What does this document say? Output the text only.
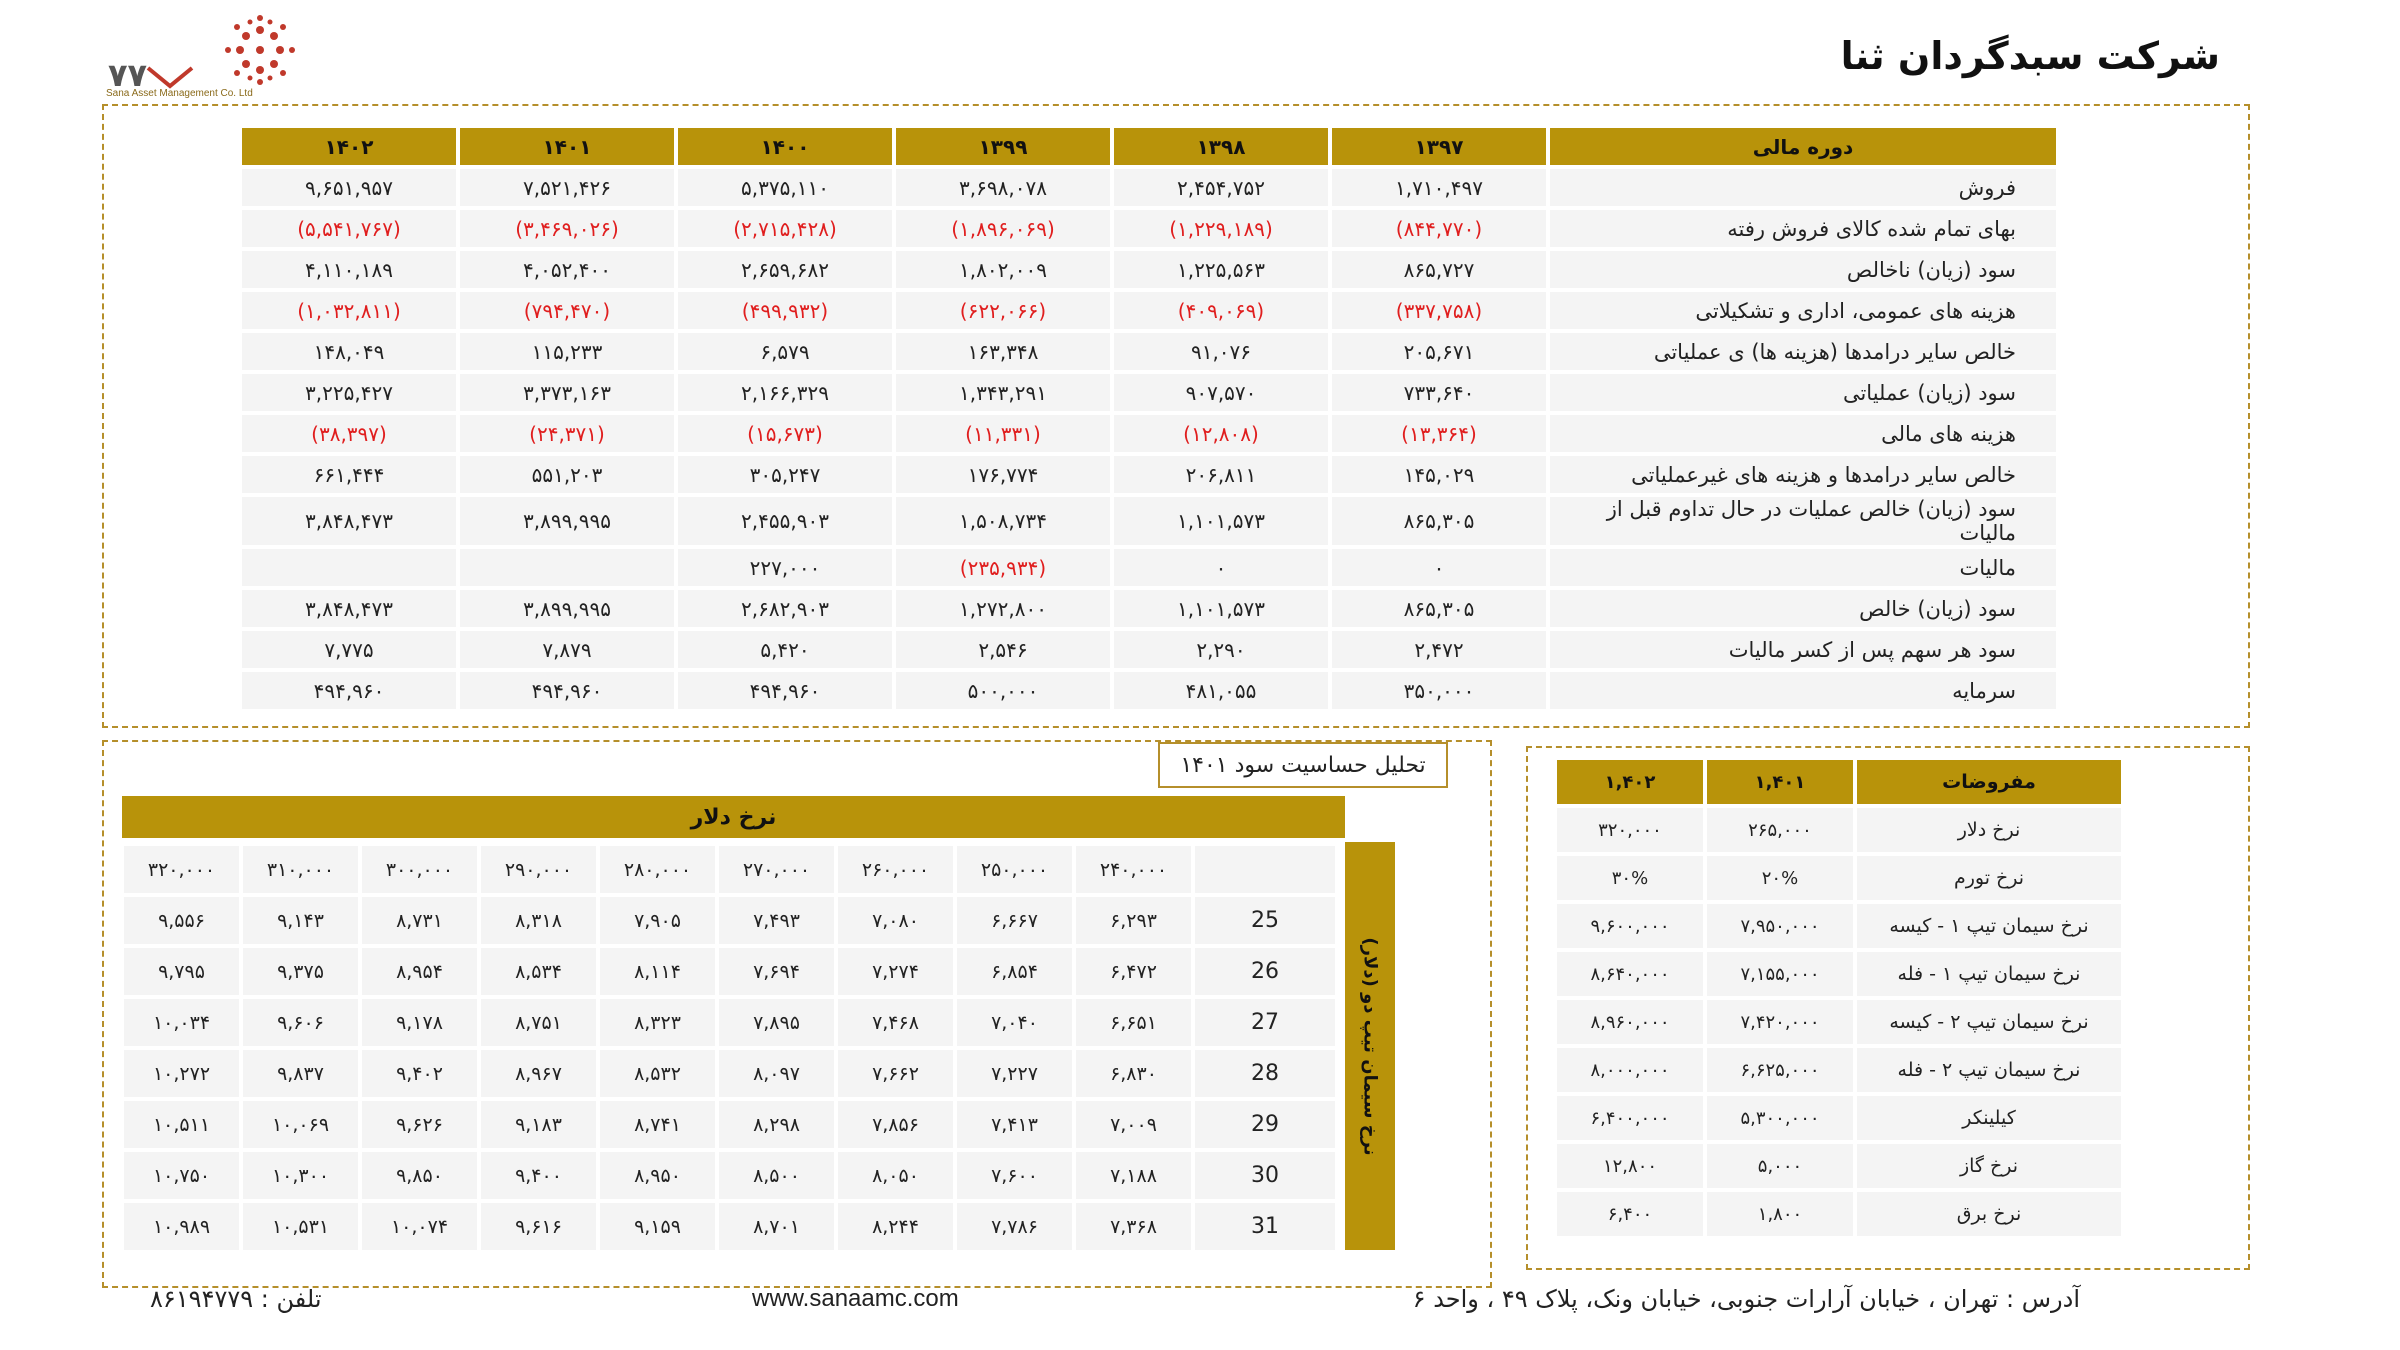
شرکت سبدگردان ثنا
۷۷
Sana Asset Management Co. Ltd
۱۴۰۲	۱۴۰۱	۱۴۰۰	۱۳۹۹	۱۳۹۸	۱۳۹۷	دوره مالی
۹,۶۵۱,۹۵۷	۷,۵۲۱,۴۲۶	۵,۳۷۵,۱۱۰	۳,۶۹۸,۰۷۸	۲,۴۵۴,۷۵۲	۱,۷۱۰,۴۹۷	فروش
(۵,۵۴۱,۷۶۷)	(۳,۴۶۹,۰۲۶)	(۲,۷۱۵,۴۲۸)	(۱,۸۹۶,۰۶۹)	(۱,۲۲۹,۱۸۹)	(۸۴۴,۷۷۰)	بهای تمام شده کالای فروش رفته
۴,۱۱۰,۱۸۹	۴,۰۵۲,۴۰۰	۲,۶۵۹,۶۸۲	۱,۸۰۲,۰۰۹	۱,۲۲۵,۵۶۳	۸۶۵,۷۲۷	سود (زیان) ناخالص
(۱,۰۳۲,۸۱۱)	(۷۹۴,۴۷۰)	(۴۹۹,۹۳۲)	(۶۲۲,۰۶۶)	(۴۰۹,۰۶۹)	(۳۳۷,۷۵۸)	هزینه های عمومی، اداری و تشکیلاتی
۱۴۸,۰۴۹	۱۱۵,۲۳۳	۶,۵۷۹	۱۶۳,۳۴۸	۹۱,۰۷۶	۲۰۵,۶۷۱	خالص سایر درامدها (هزینه ها) ی عملیاتی
۳,۲۲۵,۴۲۷	۳,۳۷۳,۱۶۳	۲,۱۶۶,۳۲۹	۱,۳۴۳,۲۹۱	۹۰۷,۵۷۰	۷۳۳,۶۴۰	سود (زیان) عملیاتی
(۳۸,۳۹۷)	(۲۴,۳۷۱)	(۱۵,۶۷۳)	(۱۱,۳۳۱)	(۱۲,۸۰۸)	(۱۳,۳۶۴)	هزینه های مالی
۶۶۱,۴۴۴	۵۵۱,۲۰۳	۳۰۵,۲۴۷	۱۷۶,۷۷۴	۲۰۶,۸۱۱	۱۴۵,۰۲۹	خالص سایر درامدها و هزینه های غیرعملیاتی
۳,۸۴۸,۴۷۳	۳,۸۹۹,۹۹۵	۲,۴۵۵,۹۰۳	۱,۵۰۸,۷۳۴	۱,۱۰۱,۵۷۳	۸۶۵,۳۰۵	سود (زیان) خالص عملیات در حال تداوم قبل از مالیات
		۲۲۷,۰۰۰	(۲۳۵,۹۳۴)	۰	۰	مالیات
۳,۸۴۸,۴۷۳	۳,۸۹۹,۹۹۵	۲,۶۸۲,۹۰۳	۱,۲۷۲,۸۰۰	۱,۱۰۱,۵۷۳	۸۶۵,۳۰۵	سود (زیان) خالص
۷,۷۷۵	۷,۸۷۹	۵,۴۲۰	۲,۵۴۶	۲,۲۹۰	۲,۴۷۲	سود هر سهم پس از کسر مالیات
۴۹۴,۹۶۰	۴۹۴,۹۶۰	۴۹۴,۹۶۰	۵۰۰,۰۰۰	۴۸۱,۰۵۵	۳۵۰,۰۰۰	سرمایه
تحلیل حساسیت سود ۱۴۰۱
نرخ دلار
۳۲۰,۰۰۰	۳۱۰,۰۰۰	۳۰۰,۰۰۰	۲۹۰,۰۰۰	۲۸۰,۰۰۰	۲۷۰,۰۰۰	۲۶۰,۰۰۰	۲۵۰,۰۰۰	۲۴۰,۰۰۰	
۹,۵۵۶	۹,۱۴۳	۸,۷۳۱	۸,۳۱۸	۷,۹۰۵	۷,۴۹۳	۷,۰۸۰	۶,۶۶۷	۶,۲۹۳	25
۹,۷۹۵	۹,۳۷۵	۸,۹۵۴	۸,۵۳۴	۸,۱۱۴	۷,۶۹۴	۷,۲۷۴	۶,۸۵۴	۶,۴۷۲	26
۱۰,۰۳۴	۹,۶۰۶	۹,۱۷۸	۸,۷۵۱	۸,۳۲۳	۷,۸۹۵	۷,۴۶۸	۷,۰۴۰	۶,۶۵۱	27
۱۰,۲۷۲	۹,۸۳۷	۹,۴۰۲	۸,۹۶۷	۸,۵۳۲	۸,۰۹۷	۷,۶۶۲	۷,۲۲۷	۶,۸۳۰	28
۱۰,۵۱۱	۱۰,۰۶۹	۹,۶۲۶	۹,۱۸۳	۸,۷۴۱	۸,۲۹۸	۷,۸۵۶	۷,۴۱۳	۷,۰۰۹	29
۱۰,۷۵۰	۱۰,۳۰۰	۹,۸۵۰	۹,۴۰۰	۸,۹۵۰	۸,۵۰۰	۸,۰۵۰	۷,۶۰۰	۷,۱۸۸	30
۱۰,۹۸۹	۱۰,۵۳۱	۱۰,۰۷۴	۹,۶۱۶	۹,۱۵۹	۸,۷۰۱	۸,۲۴۴	۷,۷۸۶	۷,۳۶۸	31
نرخ سیمان تیپ دو (دلار)
۱,۴۰۲	۱,۴۰۱	مفروضات
۳۲۰,۰۰۰	۲۶۵,۰۰۰	نرخ دلار
۳۰%	۲۰%	نرخ تورم
۹,۶۰۰,۰۰۰	۷,۹۵۰,۰۰۰	نرخ سیمان تیپ ۱ - کیسه
۸,۶۴۰,۰۰۰	۷,۱۵۵,۰۰۰	نرخ سیمان تیپ ۱ - فله
۸,۹۶۰,۰۰۰	۷,۴۲۰,۰۰۰	نرخ سیمان تیپ ۲ - کیسه
۸,۰۰۰,۰۰۰	۶,۶۲۵,۰۰۰	نرخ سیمان تیپ ۲ - فله
۶,۴۰۰,۰۰۰	۵,۳۰۰,۰۰۰	کیلینکر
۱۲,۸۰۰	۵,۰۰۰	نرخ گاز
۶,۴۰۰	۱,۸۰۰	نرخ برق
تلفن : ۸۶۱۹۴۷۷۹	www.sanaamc.com	آدرس : تهران ، خیابان آرارات جنوبی، خیابان ونک، پلاک ۴۹ ، واحد ۶
